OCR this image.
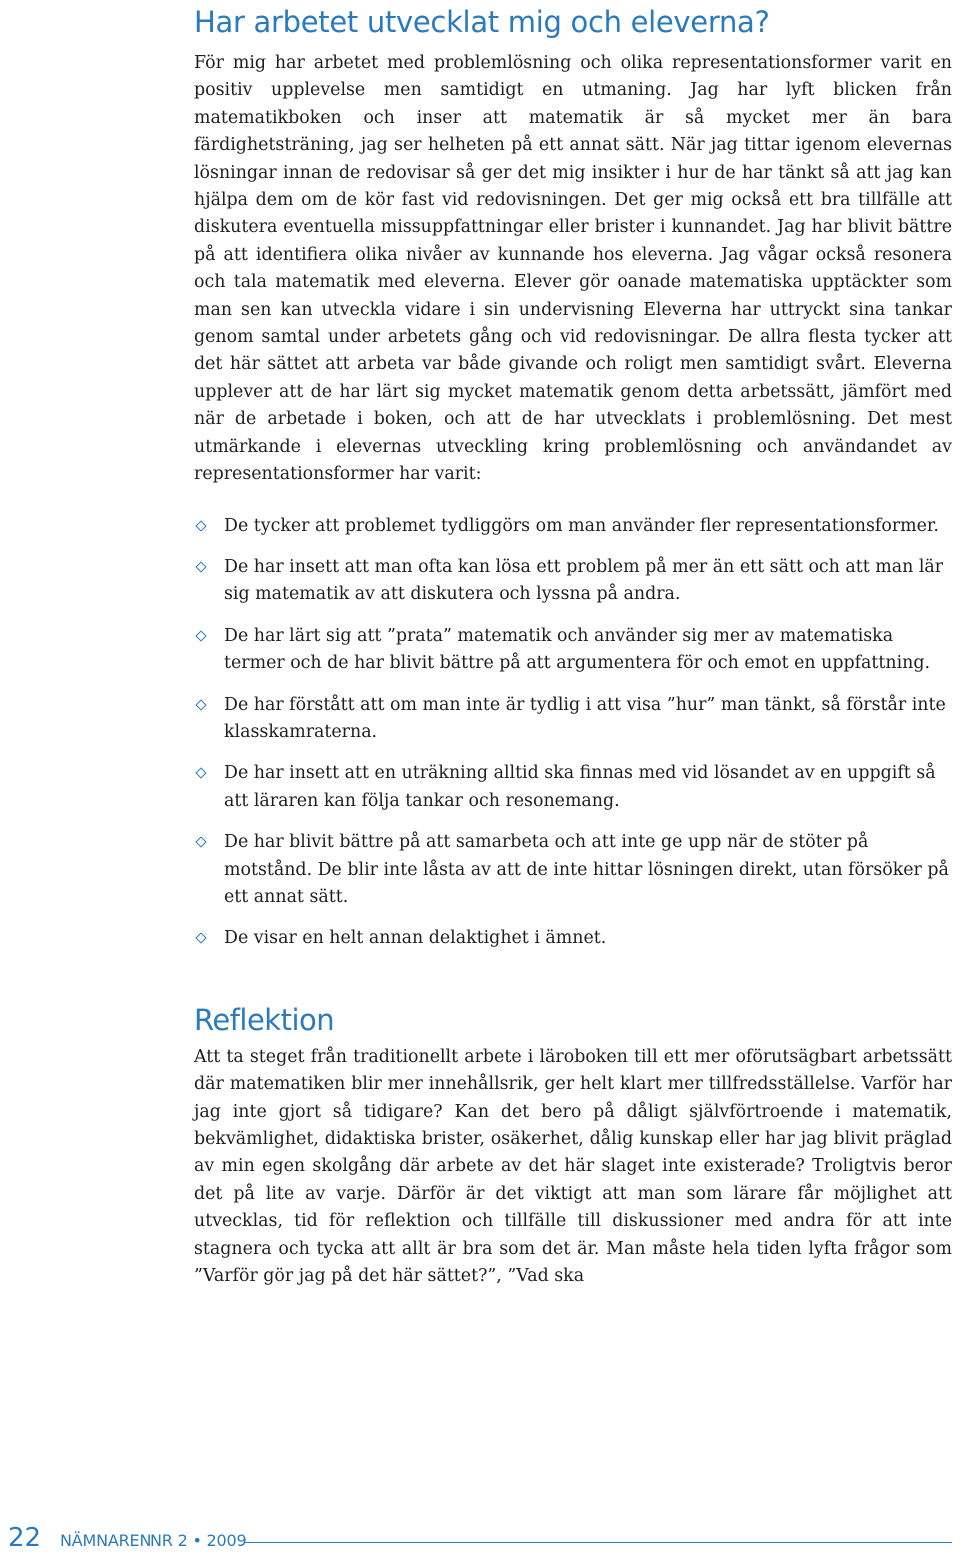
Har arbetet utvecklat mig och eleverna?

För mig har arbetet med problemlösning och olika representationsformer varit en positiv upplevelse men samtidigt en utmaning. Jag har lyft blicken från matematikboken och inser att matematik är så mycket mer än bara färdighetsträning, jag ser helheten på ett annat sätt. När jag tittar igenom elevernas lösningar innan de redovisar så ger det mig insikter i hur de har tänkt så att jag kan hjälpa dem om de kör fast vid redovisningen. Det ger mig också ett bra tillfälle att diskutera eventuella missuppfattningar eller brister i kunnandet. Jag har blivit bättre på att identifiera olika nivåer av kunnande hos eleverna. Jag vågar också resonera och tala matematik med eleverna. Elever gör oanade matematiska upptäckter som man sen kan utveckla vidare i sin undervisning Eleverna har uttryckt sina tankar genom samtal under arbetets gång och vid redovisningar. De allra flesta tycker att det här sättet att arbeta var både givande och roligt men samtidigt svårt. Eleverna upplever att de har lärt sig mycket matematik genom detta arbetssätt, jämfört med när de arbetade i boken, och att de har utvecklats i problemlösning. Det mest utmärkande i elevernas utveckling kring problemlösning och användandet av representationsformer har varit:

De tycker att problemet tydliggörs om man använder fler representationsformer.
De har insett att man ofta kan lösa ett problem på mer än ett sätt och att man lär sig matematik av att diskutera och lyssna på andra.
De har lärt sig att ”prata” matematik och använder sig mer av matematiska termer och de har blivit bättre på att argumentera för och emot en uppfattning.
De har förstått att om man inte är tydlig i att visa ”hur” man tänkt, så förstår inte klasskamraterna.
De har insett att en uträkning alltid ska finnas med vid lösandet av en uppgift så att läraren kan följa tankar och resonemang.
De har blivit bättre på att samarbeta och att inte ge upp när de stöter på motstånd. De blir inte låsta av att de inte hittar lösningen direkt, utan försöker på ett annat sätt.
De visar en helt annan delaktighet i ämnet.
Reflektion

Att ta steget från traditionellt arbete i läroboken till ett mer oförutsägbart arbetssätt där matematiken blir mer innehållsrik, ger helt klart mer tillfredsställelse. Varför har jag inte gjort så tidigare? Kan det bero på dåligt självförtroende i matematik, bekvämlighet, didaktiska brister, osäkerhet, dålig kunskap eller har jag blivit präglad av min egen skolgång där arbete av det här slaget inte existerade? Troligtvis beror det på lite av varje. Därför är det viktigt att man som lärare får möjlighet att utvecklas, tid för reflektion och tillfälle till diskussioner med andra för att inte stagnera och tycka att allt är bra som det är. Man måste hela tiden lyfta frågor som ”Varför gör jag på det här sättet?”, ”Vad ska

22 NÄMNAREN
NR 2 • 2009
